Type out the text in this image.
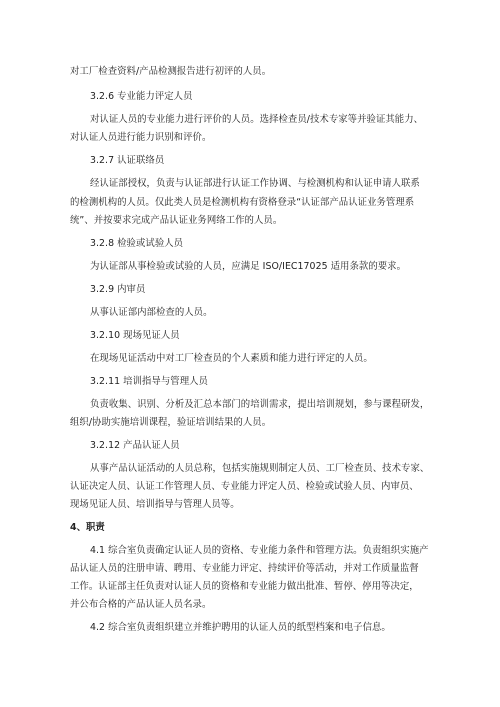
对工厂检查资料/产品检测报告进行初评的人员。
3.2.6 专业能力评定人员
对认证人员的专业能力进行评价的人员。选择检查员/技术专家等并验证其能力、
对认证人员进行能力识别和评价。
3.2.7 认证联络员
经认证部授权，负责与认证部进行认证工作协调、与检测机构和认证申请人联系
的检测机构的人员。仅此类人员是检测机构有资格登录“认证部产品认证业务管理系
统”、并按要求完成产品认证业务网络工作的人员。
3.2.8 检验或试验人员
为认证部从事检验或试验的人员，应满足 ISO/IEC17025 适用条款的要求。
3.2.9 内审员
从事认证部内部检查的人员。
3.2.10 现场见证人员
在现场见证活动中对工厂检查员的个人素质和能力进行评定的人员。
3.2.11 培训指导与管理人员
负责收集、识别、分析及汇总本部门的培训需求，提出培训规划，参与课程研发，
组织/协助实施培训课程，验证培训结果的人员。
3.2.12 产品认证人员
从事产品认证活动的人员总称，包括实施规则制定人员、工厂检查员、技术专家、
认证决定人员、认证工作管理人员、专业能力评定人员、检验或试验人员、内审员、
现场见证人员、培训指导与管理人员等。
4、职责
4.1 综合室负责确定认证人员的资格、专业能力条件和管理方法。负责组织实施产
品认证人员的注册申请、聘用、专业能力评定、持续评价等活动，并对工作质量监督
工作。认证部主任负责对认证人员的资格和专业能力做出批准、暂停、停用等决定，
并公布合格的产品认证人员名录。
4.2 综合室负责组织建立并维护聘用的认证人员的纸型档案和电子信息。
